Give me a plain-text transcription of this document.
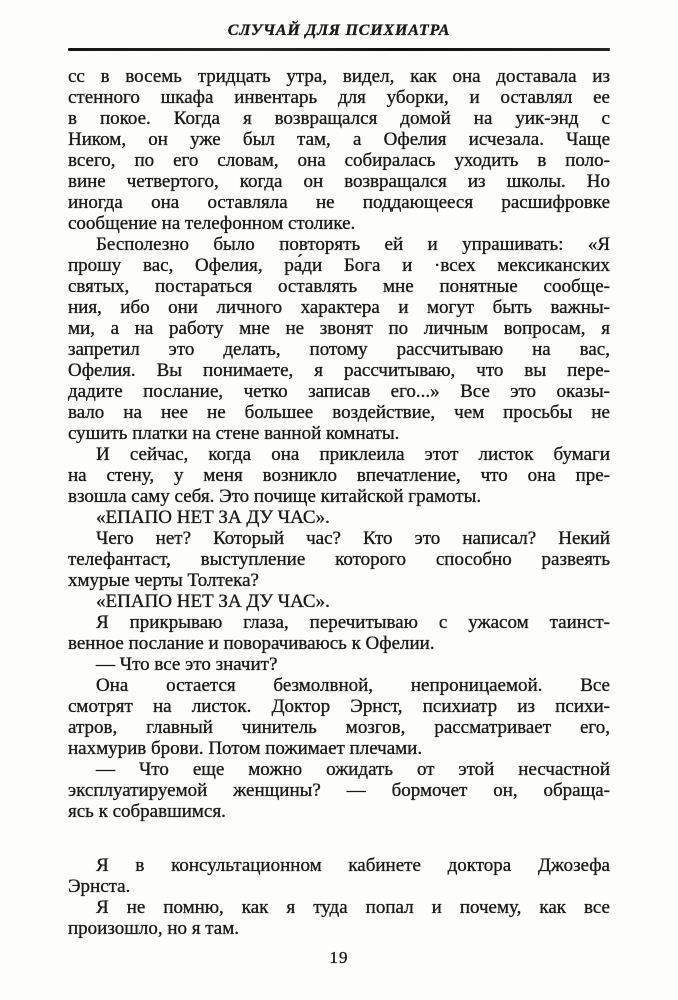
СЛУЧАЙ ДЛЯ ПСИХИАТРА
сс в восемь тридцать утра, видел, как она доставала из
стенного шкафа инвентарь для уборки, и оставлял ее
в покое. Когда я возвращался домой на уик-энд с
Ником, он уже был там, а Офелия исчезала. Чаще
всего, по его словам, она собиралась уходить в поло-
вине четвертого, когда он возвращался из школы. Но
иногда она оставляла не поддающееся расшифровке
сообщение на телефонном столике.
Бесполезно было повторять ей и упрашивать: «Я
прошу вас, Офелия, ра́ди Бога и ·всех мексиканских
святых, постараться оставлять мне понятные сообще-
ния, ибо они личного характера и могут быть важны-
ми, а на работу мне не звонят по личным вопросам, я
запретил это делать, потому рассчитываю на вас,
Офелия. Вы понимаете, я рассчитываю, что вы пере-
дадите послание, четко записав его...» Все это оказы-
вало на нее не большее воздействие, чем просьбы не
сушить платки на стене ванной комнаты.
И сейчас, когда она приклеила этот листок бумаги
на стену, у меня возникло впечатление, что она пре-
взошла саму себя. Это почище китайской грамоты.
«ЕПАПО НЕТ ЗА ДУ ЧАС».
Чего нет? Который час? Кто это написал? Некий
телефантаст, выступление которого способно развеять
хмурые черты Толтека?
«ЕПАПО НЕТ ЗА ДУ ЧАС».
Я прикрываю глаза, перечитываю с ужасом таинст-
венное послание и поворачиваюсь к Офелии.
— Что все это значит?
Она остается безмолвной, непроницаемой. Все
смотрят на листок. Доктор Эрнст, психиатр из психи-
атров, главный чинитель мозгов, рассматривает его,
нахмурив брови. Потом пожимает плечами.
— Что еще можно ожидать от этой несчастной
эксплуатируемой женщины? — бормочет он, обраща-
ясь к собравшимся.
Я в консультационном кабинете доктора Джозефа
Эрнста.
Я не помню, как я туда попал и почему, как все
произошло, но я там.
19
